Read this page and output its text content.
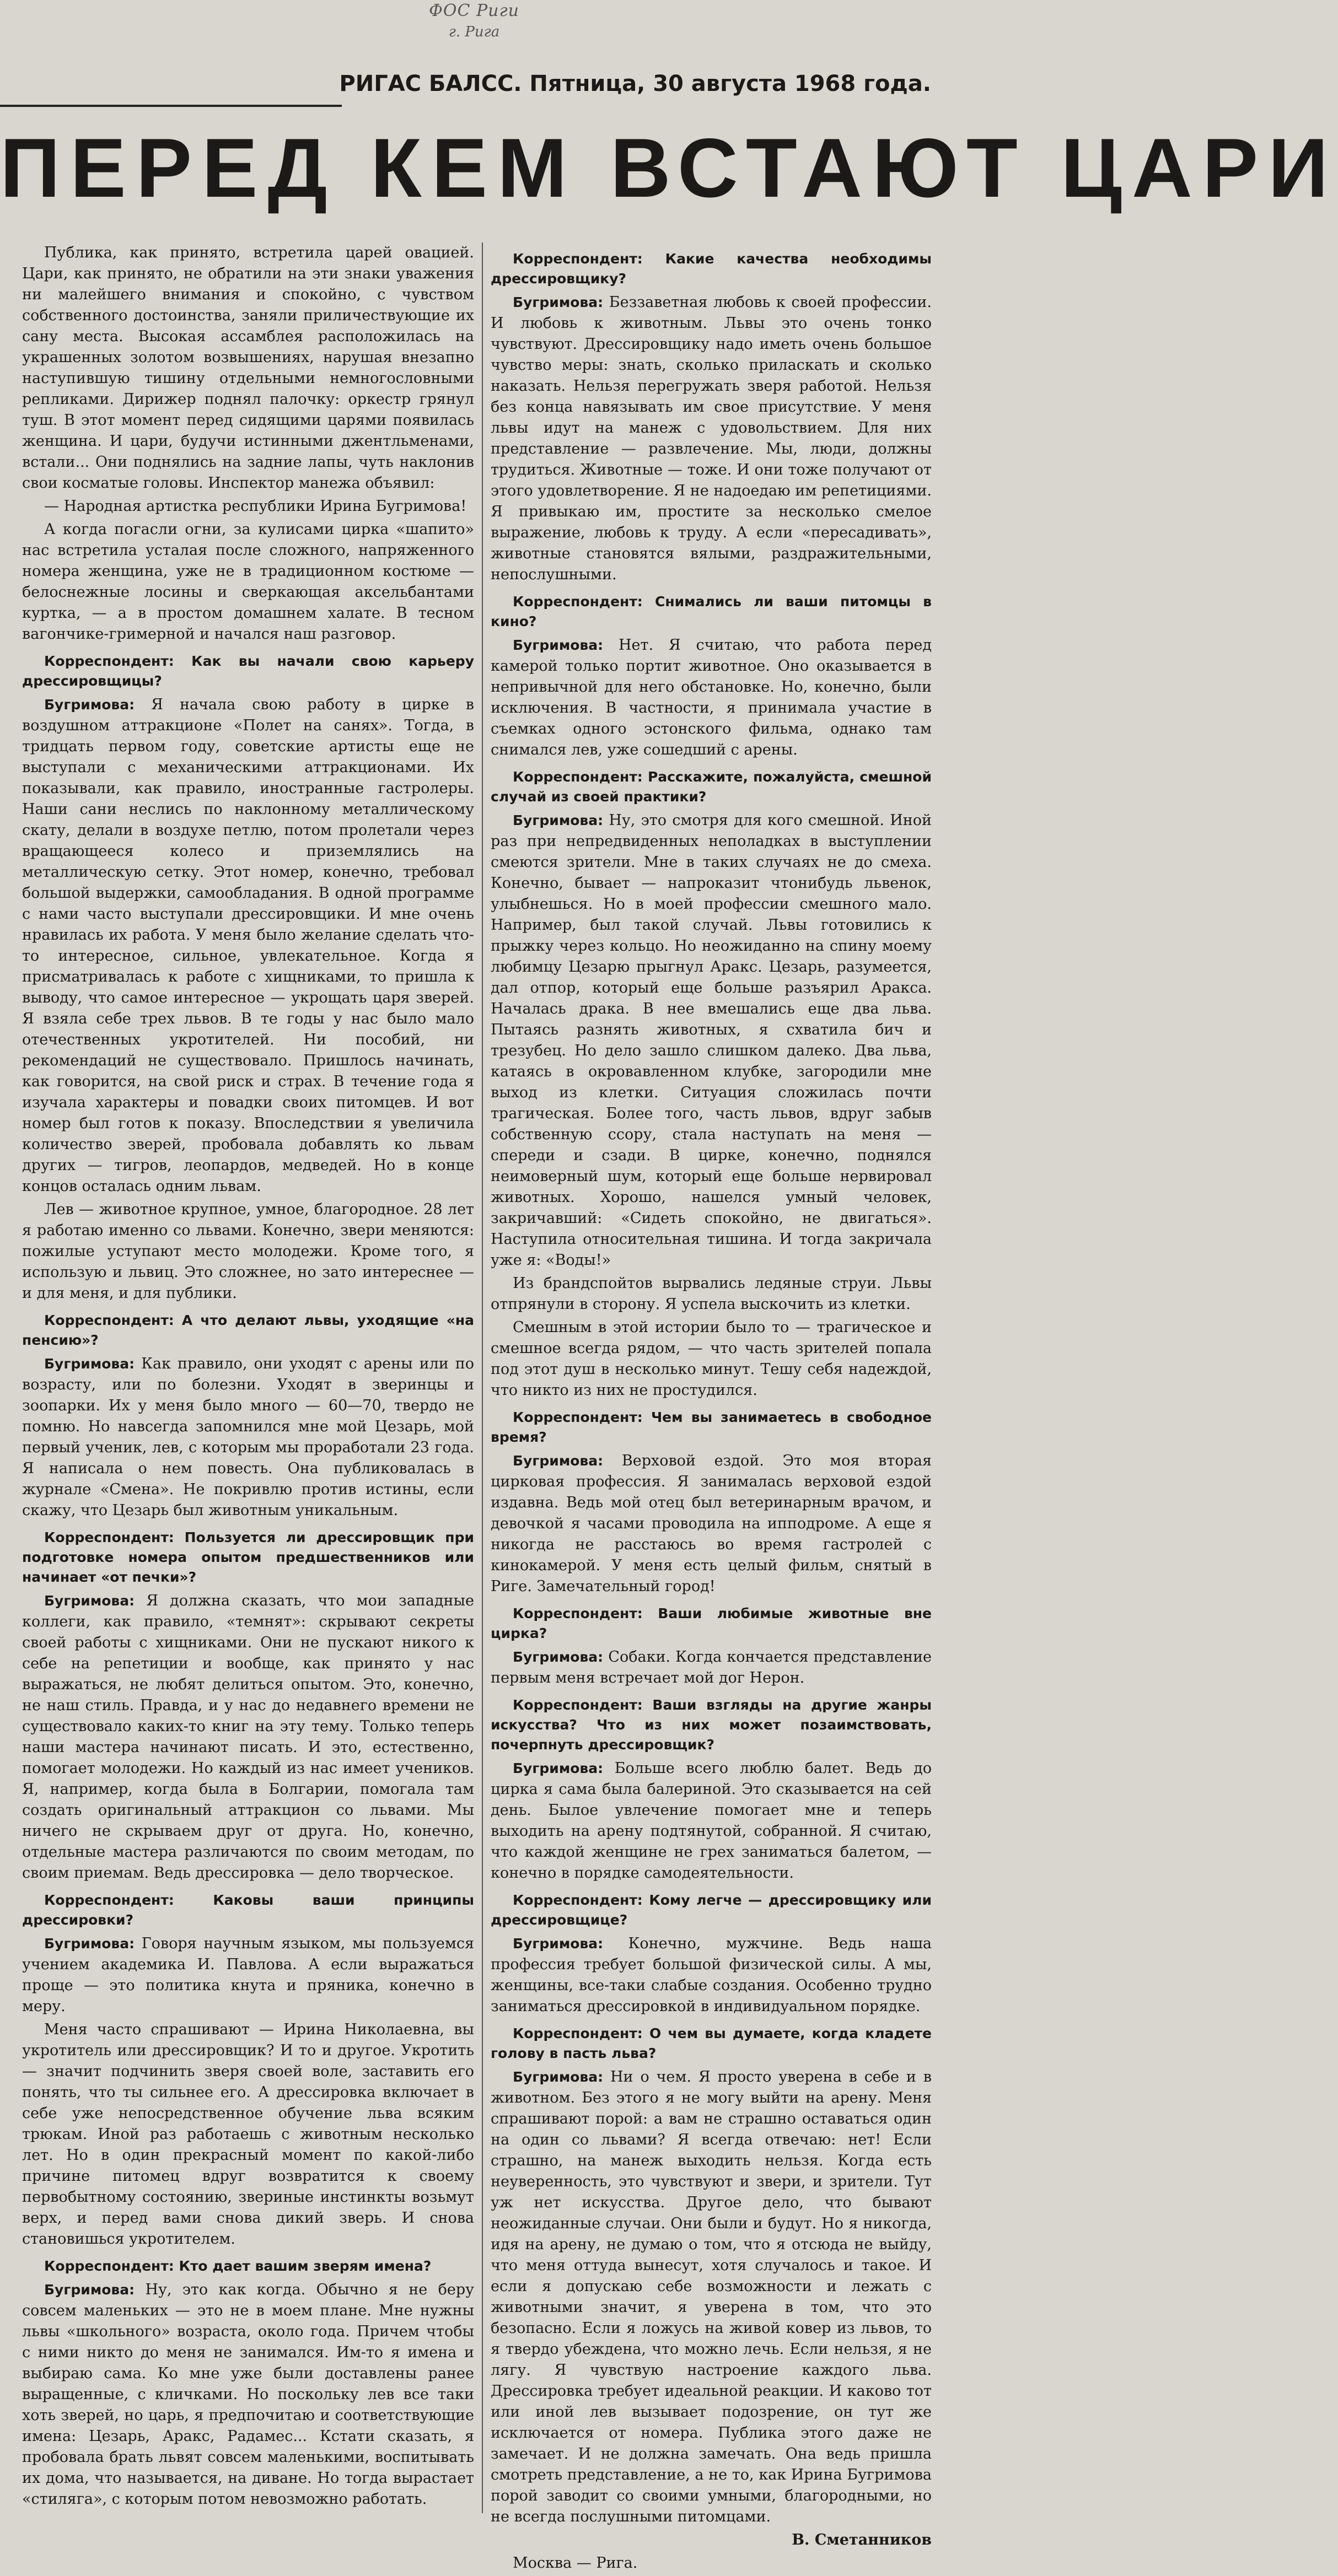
ФOC Риги
г. Рига
РИГАС БАЛСС. Пятница, 30 августа 1968 года.
ПЕРЕД КЕМ ВСТАЮТ ЦАРИ

Публика, как принято, встретила царей овацией. Цари, как принято, не обратили на эти знаки уважения ни малейшего внимания и спокойно, с чувством собственного достоинства, заняли приличествующие их сану места. Высокая ассамблея расположилась на украшенных золотом возвышениях, нарушая внезапно наступившую тишину отдельными немногословными репликами. Дирижер поднял палочку: оркестр грянул туш. В этот момент перед сидящими царями появилась женщина. И цари, будучи истинными джентльменами, встали... Они поднялись на задние лапы, чуть наклонив свои косматые головы. Инспектор манежа объявил:

— Народная артистка республики Ирина Бугримова!

А когда погасли огни, за кулисами цирка «шапито» нас встретила усталая после сложного, напряженного номера женщина, уже не в традиционном костюме — белоснежные лосины и сверкающая аксельбантами куртка, — а в простом домашнем халате. В тесном вагончике-гримерной и начался наш разговор.

Корреспондент: Как вы начали свою карьеру дрессировщицы?

Бугримова: Я начала свою работу в цирке в воздушном аттракционе «Полет на санях». Тогда, в тридцать первом году, советские артисты еще не выступали с механическими аттракционами. Их показывали, как правило, иностранные гастролеры. Наши сани неслись по наклонному металлическому скату, делали в воздухе петлю, потом пролетали через вращающееся колесо и приземлялись на металлическую сетку. Этот номер, конечно, требовал большой выдержки, самообладания. В одной программе с нами часто выступали дрессировщики. И мне очень нравилась их работа. У меня было желание сделать что-то интересное, сильное, увлекательное. Когда я присматривалась к работе с хищниками, то пришла к выводу, что самое интересное — укрощать царя зверей. Я взяла себе трех львов. В те годы у нас было мало отечественных укротителей. Ни пособий, ни рекомендаций не существовало. Пришлось начинать, как говорится, на свой риск и страх. В течение года я изучала характеры и повадки своих питомцев. И вот номер был готов к показу. Впоследствии я увеличила количество зверей, пробовала добавлять ко львам других — тигров, леопардов, медведей. Но в конце концов осталась одним львам.

Лев — животное крупное, умное, благородное. 28 лет я работаю именно со львами. Конечно, звери меняются: пожилые уступают место молодежи. Кроме того, я использую и львиц. Это сложнее, но зато интереснее — и для меня, и для публики.

Корреспондент: А что делают львы, уходящие «на пенсию»?

Бугримова: Как правило, они уходят с арены или по возрасту, или по болезни. Уходят в зверинцы и зоопарки. Их у меня было много — 60—70, твердо не помню. Но навсегда запомнился мне мой Цезарь, мой первый ученик, лев, с которым мы проработали 23 года. Я написала о нем повесть. Она публиковалась в журнале «Смена». Не покривлю против истины, если скажу, что Цезарь был животным уникальным.

Корреспондент: Пользуется ли дрессировщик при подготовке номера опытом предшественников или начинает «от печки»?

Бугримова: Я должна сказать, что мои западные коллеги, как правило, «темнят»: скрывают секреты своей работы с хищниками. Они не пускают никого к себе на репетиции и вообще, как принято у нас выражаться, не любят делиться опытом. Это, конечно, не наш стиль. Правда, и у нас до недавнего времени не существовало каких-то книг на эту тему. Только теперь наши мастера начинают писать. И это, естественно, помогает молодежи. Но каждый из нас имеет учеников. Я, например, когда была в Болгарии, помогала там создать оригинальный аттракцион со львами. Мы ничего не скрываем друг от друга. Но, конечно, отдельные мастера различаются по своим методам, по своим приемам. Ведь дрессировка — дело творческое.

Корреспондент: Каковы ваши принципы дрессировки?

Бугримова: Говоря научным языком, мы пользуемся учением академика И. Павлова. А если выражаться проще — это политика кнута и пряника, конечно в меру.

Меня часто спрашивают — Ирина Николаевна, вы укротитель или дрессировщик? И то и другое. Укротить — значит подчинить зверя своей воле, заставить его понять, что ты сильнее его. А дрессировка включает в себе уже непосредственное обучение льва всяким трюкам. Иной раз работаешь с животным несколько лет. Но в один прекрасный момент по какой-либо причине питомец вдруг возвратится к своему первобытному состоянию, звериные инстинкты возьмут верх, и перед вами снова дикий зверь. И снова становишься укротителем.

Корреспондент: Кто дает вашим зверям имена?

Бугримова: Ну, это как когда. Обычно я не беру совсем маленьких — это не в моем плане. Мне нужны львы «школьного» возраста, около года. Причем чтобы с ними никто до меня не занимался. Им-то я имена и выбираю сама. Ко мне уже были доставлены ранее выращенные, с кличками. Но поскольку лев все таки хоть зверей, но царь, я предпочитаю и соответствующие имена: Цезарь, Аракс, Радамес... Кстати сказать, я пробовала брать львят совсем маленькими, воспитывать их дома, что называется, на диване. Но тогда вырастает «стиляга», с которым потом невозможно работать.

Корреспондент: Какие качества необходимы дрессировщику?

Бугримова: Беззаветная любовь к своей профессии. И любовь к животным. Львы это очень тонко чувствуют. Дрессировщику надо иметь очень большое чувство меры: знать, сколько приласкать и сколько наказать. Нельзя перегружать зверя работой. Нельзя без конца навязывать им свое присутствие. У меня львы идут на манеж с удовольствием. Для них представление — развлечение. Мы, люди, должны трудиться. Животные — тоже. И они тоже получают от этого удовлетворение. Я не надоедаю им репетициями. Я привыкаю им, простите за несколько смелое выражение, любовь к труду. А если «пересадивать», животные становятся вялыми, раздражительными, непослушными.

Корреспондент: Снимались ли ваши питомцы в кино?

Бугримова: Нет. Я считаю, что работа перед камерой только портит животное. Оно оказывается в непривычной для него обстановке. Но, конечно, были исключения. В частности, я принимала участие в съемках одного эстонского фильма, однако там снимался лев, уже сошедший с арены.

Корреспондент: Расскажите, пожалуйста, смешной случай из своей практики?

Бугримова: Ну, это смотря для кого смешной. Иной раз при непредвиденных неполадках в выступлении смеются зрители. Мне в таких случаях не до смеха. Конечно, бывает — напроказит чтонибудь львенок, улыбнешься. Но в моей профессии смешного мало. Например, был такой случай. Львы готовились к прыжку через кольцо. Но неожиданно на спину моему любимцу Цезарю прыгнул Аракс. Цезарь, разумеется, дал отпор, который еще больше разъярил Аракса. Началась драка. В нее вмешались еще два льва. Пытаясь разнять животных, я схватила бич и трезубец. Но дело зашло слишком далеко. Два льва, катаясь в окровавленном клубке, загородили мне выход из клетки. Ситуация сложилась почти трагическая. Более того, часть львов, вдруг забыв собственную ссору, стала наступать на меня — спереди и сзади. В цирке, конечно, поднялся неимоверный шум, который еще больше нервировал животных. Хорошо, нашелся умный человек, закричавший: «Сидеть спокойно, не двигаться». Наступила относительная тишина. И тогда закричала уже я: «Воды!»

Из брандспойтов вырвались ледяные струи. Львы отпрянули в сторону. Я успела выскочить из клетки.

Смешным в этой истории было то — трагическое и смешное всегда рядом, — что часть зрителей попала под этот душ в несколько минут. Тешу себя надеждой, что никто из них не простудился.

Корреспондент: Чем вы занимаетесь в свободное время?

Бугримова: Верховой ездой. Это моя вторая цирковая профессия. Я занималась верховой ездой издавна. Ведь мой отец был ветеринарным врачом, и девочкой я часами проводила на ипподроме. А еще я никогда не расстаюсь во время гастролей с кинокамерой. У меня есть целый фильм, снятый в Риге. Замечательный город!

Корреспондент: Ваши любимые животные вне цирка?

Бугримова: Собаки. Когда кончается представление первым меня встречает мой дог Нерон.

Корреспондент: Ваши взгляды на другие жанры искусства? Что из них может позаимствовать, почерпнуть дрессировщик?

Бугримова: Больше всего люблю балет. Ведь до цирка я сама была балериной. Это сказывается на сей день. Былое увлечение помогает мне и теперь выходить на арену подтянутой, собранной. Я считаю, что каждой женщине не грех заниматься балетом, — конечно в порядке самодеятельности.

Корреспондент: Кому легче — дрессировщику или дрессировщице?

Бугримова: Конечно, мужчине. Ведь наша профессия требует большой физической силы. А мы, женщины, все-таки слабые создания. Особенно трудно заниматься дрессировкой в индивидуальном порядке.

Корреспондент: О чем вы думаете, когда кладете голову в пасть льва?

Бугримова: Ни о чем. Я просто уверена в себе и в животном. Без этого я не могу выйти на арену. Меня спрашивают порой: а вам не страшно оставаться один на один со львами? Я всегда отвечаю: нет! Если страшно, на манеж выходить нельзя. Когда есть неуверенность, это чувствуют и звери, и зрители. Тут уж нет искусства. Другое дело, что бывают неожиданные случаи. Они были и будут. Но я никогда, идя на арену, не думаю о том, что я отсюда не выйду, что меня оттуда вынесут, хотя случалось и такое. И если я допускаю себе возможности и лежать с животными значит, я уверена в том, что это безопасно. Если я ложусь на живой ковер из львов, то я твердо убеждена, что можно лечь. Если нельзя, я не лягу. Я чувствую настроение каждого льва. Дрессировка требует идеальной реакции. И каково тот или иной лев вызывает подозрение, он тут же исключается от номера. Публика этого даже не замечает. И не должна замечать. Она ведь пришла смотреть представление, а не то, как Ирина Бугримова порой заводит со своими умными, благородными, но не всегда послушными питомцами.

В. Сметанников

Москва — Рига.
